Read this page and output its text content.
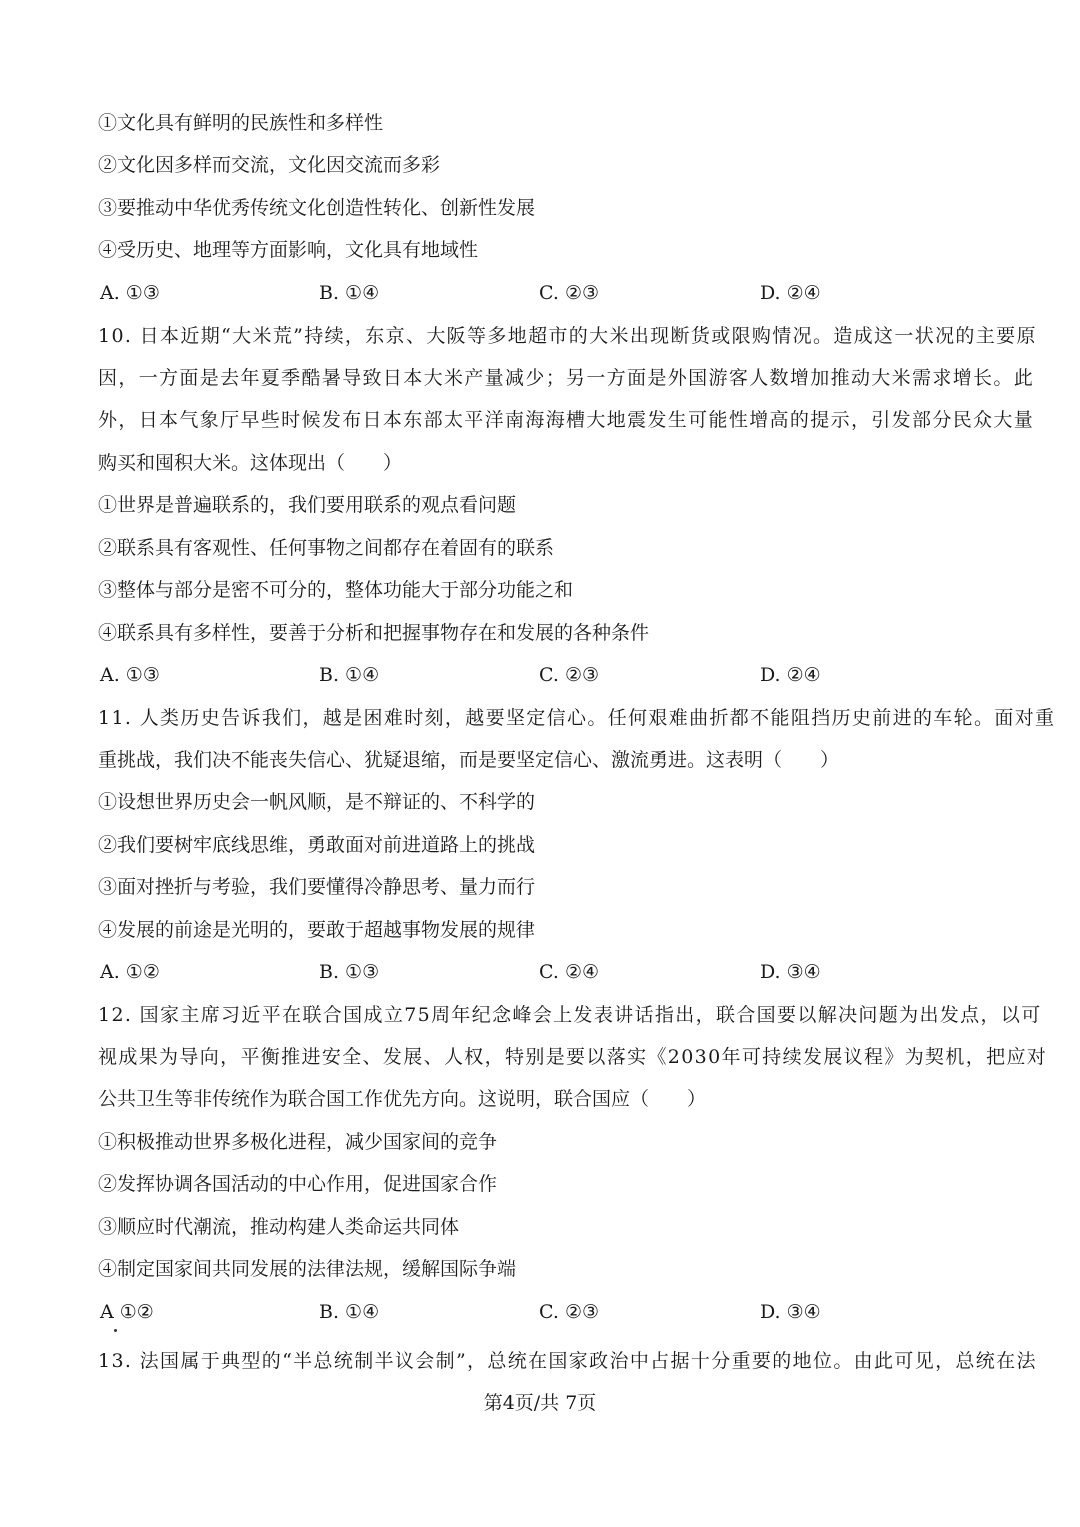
①文化具有鲜明的民族性和多样性
②文化因多样而交流，文化因交流而多彩
③要推动中华优秀传统文化创造性转化、创新性发展
④受历史、地理等方面影响，文化具有地域性
A. ①③	B. ①④	C. ②③	D. ②④
10. 日本近期“大米荒”持续，东京、大阪等多地超市的大米出现断货或限购情况。造成这一状况的主要原
因，一方面是去年夏季酷暑导致日本大米产量减少；另一方面是外国游客人数增加推动大米需求增长。此
外，日本气象厅早些时候发布日本东部太平洋南海海槽大地震发生可能性增高的提示，引发部分民众大量
购买和囤积大米。这体现出（　　）
①世界是普遍联系的，我们要用联系的观点看问题
②联系具有客观性、任何事物之间都存在着固有的联系
③整体与部分是密不可分的，整体功能大于部分功能之和
④联系具有多样性，要善于分析和把握事物存在和发展的各种条件
A. ①③	B. ①④	C. ②③	D. ②④
11. 人类历史告诉我们，越是困难时刻，越要坚定信心。任何艰难曲折都不能阻挡历史前进的车轮。面对重
重挑战，我们决不能丧失信心、犹疑退缩，而是要坚定信心、激流勇进。这表明（　　）
①设想世界历史会一帆风顺，是不辩证的、不科学的
②我们要树牢底线思维，勇敢面对前进道路上的挑战
③面对挫折与考验，我们要懂得冷静思考、量力而行
④发展的前途是光明的，要敢于超越事物发展的规律
A. ①②	B. ①③	C. ②④	D. ③④
12. 国家主席习近平在联合国成立75周年纪念峰会上发表讲话指出，联合国要以解决问题为出发点，以可
视成果为导向，平衡推进安全、发展、人权，特别是要以落实《2030年可持续发展议程》为契机，把应对
公共卫生等非传统作为联合国工作优先方向。这说明，联合国应（　　）
①积极推动世界多极化进程，减少国家间的竞争
②发挥协调各国活动的中心作用，促进国家合作
③顺应时代潮流，推动构建人类命运共同体
④制定国家间共同发展的法律法规，缓解国际争端
A ①②	B. ①④	C. ②③	D. ③④
13. 法国属于典型的“半总统制半议会制”，总统在国家政治中占据十分重要的地位。由此可见，总统在法
第4页/共 7页
